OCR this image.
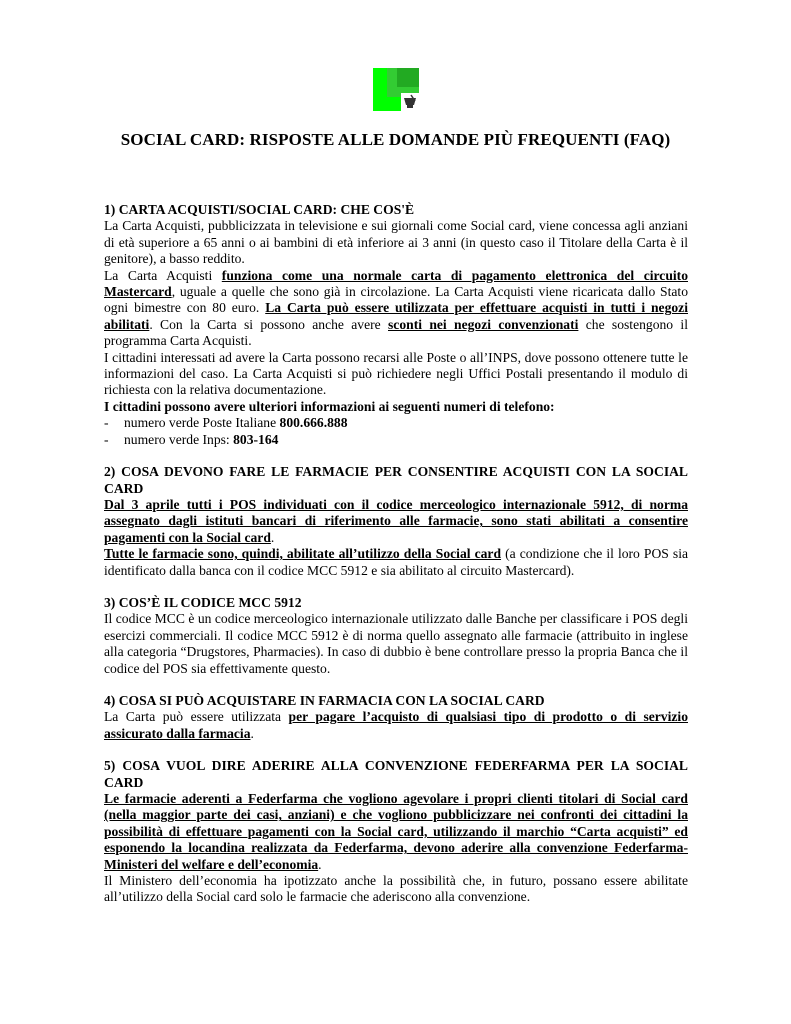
SOCIAL CARD: RISPOSTE ALLE DOMANDE PIÙ FREQUENTI (FAQ)

1) CARTA ACQUISTI/SOCIAL CARD: CHE COS'È

La Carta Acquisti, pubblicizzata in televisione e sui giornali come Social card, viene concessa agli anziani di età superiore a 65 anni o ai bambini di età inferiore ai 3 anni (in questo caso il Titolare della Carta è il genitore), a basso reddito.

La Carta Acquisti funziona come una normale carta di pagamento elettronica del circuito Mastercard, uguale a quelle che sono già in circolazione. La Carta Acquisti viene ricaricata dallo Stato ogni bimestre con 80 euro. La Carta può essere utilizzata per effettuare acquisti in tutti i negozi abilitati. Con la Carta si possono anche avere sconti nei negozi convenzionati che sostengono il programma Carta Acquisti.

I cittadini interessati ad avere la Carta possono recarsi alle Poste o all’INPS, dove possono ottenere tutte le informazioni del caso. La Carta Acquisti si può richiedere negli Uffici Postali presentando il modulo di richiesta con la relativa documentazione.

I cittadini possono avere ulteriori informazioni ai seguenti numeri di telefono:

-	numero verde Poste Italiane 800.666.888
-	numero verde Inps: 803-164

2) COSA DEVONO FARE LE FARMACIE PER CONSENTIRE ACQUISTI CON LA SOCIAL CARD

Dal 3 aprile tutti i POS individuati con il codice merceologico internazionale 5912, di norma assegnato dagli istituti bancari di riferimento alle farmacie, sono stati abilitati a consentire pagamenti con la Social card.

Tutte le farmacie sono, quindi, abilitate all’utilizzo della Social card (a condizione che il loro POS sia identificato dalla banca con il codice MCC 5912 e sia abilitato al circuito Mastercard).

3) COS’È IL CODICE MCC 5912

Il codice MCC è un codice merceologico internazionale utilizzato dalle Banche per classificare i POS degli esercizi commerciali. Il codice MCC 5912 è di norma quello assegnato alle farmacie (attribuito in inglese alla categoria “Drugstores, Pharmacies). In caso di dubbio è bene controllare presso la propria Banca che il codice del POS sia effettivamente questo.

4) COSA SI PUÒ ACQUISTARE IN FARMACIA CON LA SOCIAL CARD

La Carta può essere utilizzata per pagare l’acquisto di qualsiasi tipo di prodotto o di servizio assicurato dalla farmacia.

5) COSA VUOL DIRE ADERIRE ALLA CONVENZIONE FEDERFARMA PER LA SOCIAL CARD

Le farmacie aderenti a Federfarma che vogliono agevolare i propri clienti titolari di Social card (nella maggior parte dei casi, anziani) e che vogliono pubblicizzare nei confronti dei cittadini la possibilità di effettuare pagamenti con la Social card, utilizzando il marchio “Carta acquisti” ed esponendo la locandina realizzata da Federfarma, devono aderire alla convenzione Federfarma-Ministeri del welfare e dell’economia.

Il Ministero dell’economia ha ipotizzato anche la possibilità che, in futuro, possano essere abilitate all’utilizzo della Social card solo le farmacie che aderiscono alla convenzione.
